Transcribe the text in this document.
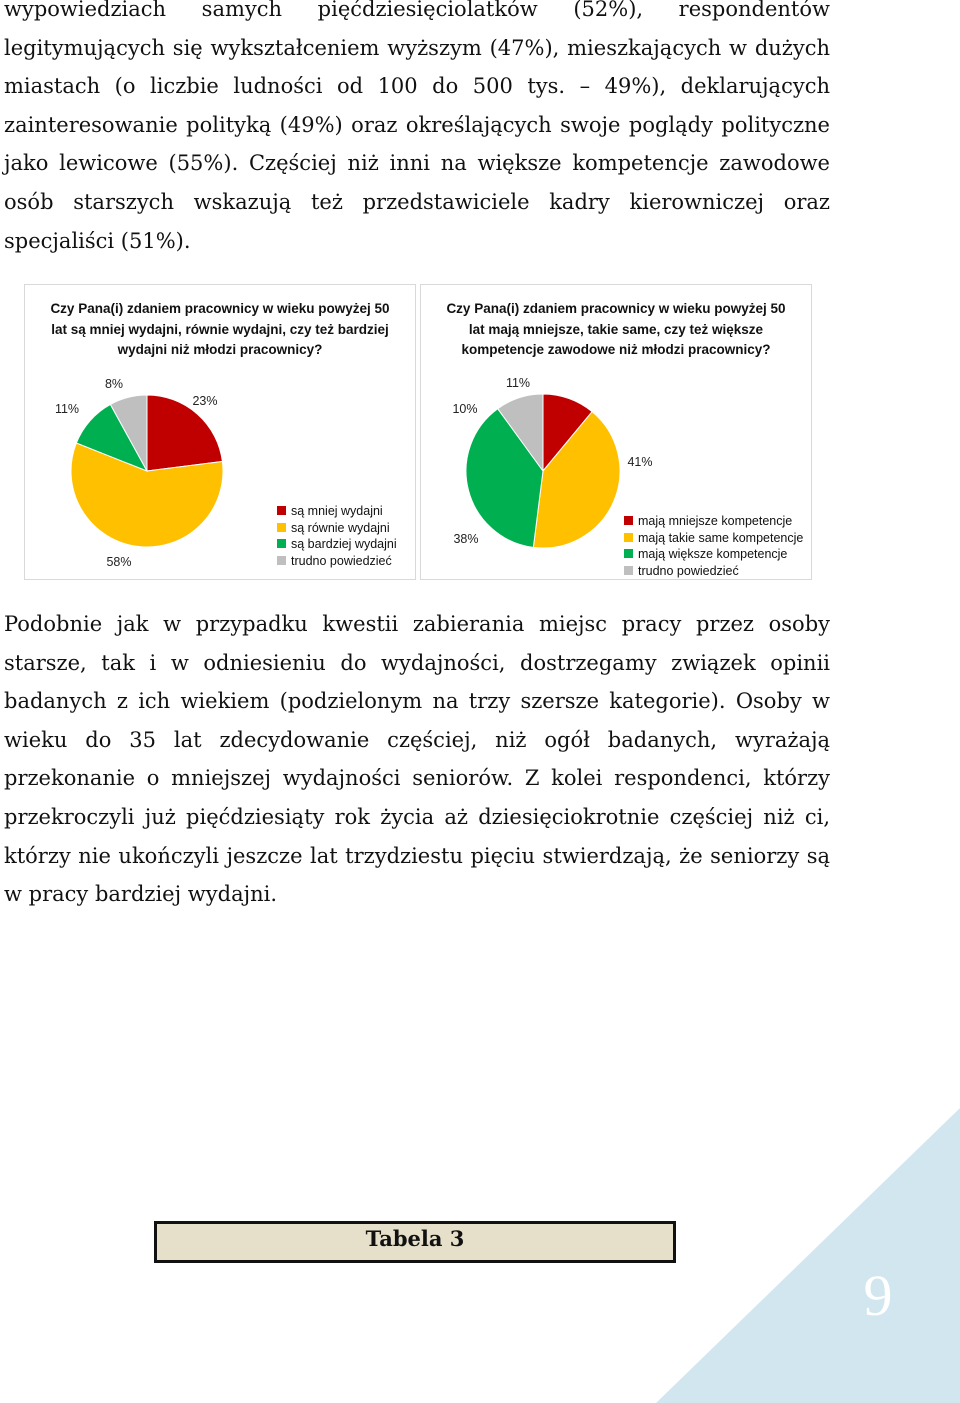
wypowiedziach samych pięćdziesięciolatków (52%), respondentów legitymujących się wykształceniem wyższym (47%), mieszkających w dużych miastach (o liczbie ludności od 100 do 500 tys. – 49%), deklarujących zainteresowanie polityką (49%) oraz określających swoje poglądy polityczne jako lewicowe (55%). Częściej niż inni na większe kompetencje zawodowe osób starszych wskazują też przedstawiciele kadry kierowniczej oraz specjaliści (51%).

23%
58%
11%
8%
Czy Pana(i) zdaniem pracownicy w wieku powyżej 50 lat są mniej wydajni, równie wydajni, czy też bardziej wydajni niż młodzi pracownicy?
są mniej wydajni
są równie wydajni
są bardziej wydajni
trudno powiedzieć
11%
41%
38%
10%
Czy Pana(i) zdaniem pracownicy w wieku powyżej 50 lat mają mniejsze, takie same, czy też większe kompetencje zawodowe niż młodzi pracownicy?
mają mniejsze kompetencje
mają takie same kompetencje
mają większe kompetencje
trudno powiedzieć

Podobnie jak w przypadku kwestii zabierania miejsc pracy przez osoby starsze, tak i w odniesieniu do wydajności, dostrzegamy związek opinii badanych z ich wiekiem (podzielonym na trzy szersze kategorie). Osoby w wieku do 35 lat zdecydowanie częściej, niż ogół badanych, wyrażają przekonanie o mniejszej wydajności seniorów. Z kolei respondenci, którzy przekroczyli już pięćdziesiąty rok życia aż dziesięciokrotnie częściej niż ci, którzy nie ukończyli jeszcze lat trzydziestu pięciu stwierdzają, że seniorzy są w pracy bardziej wydajni.

9
Tabela 3
